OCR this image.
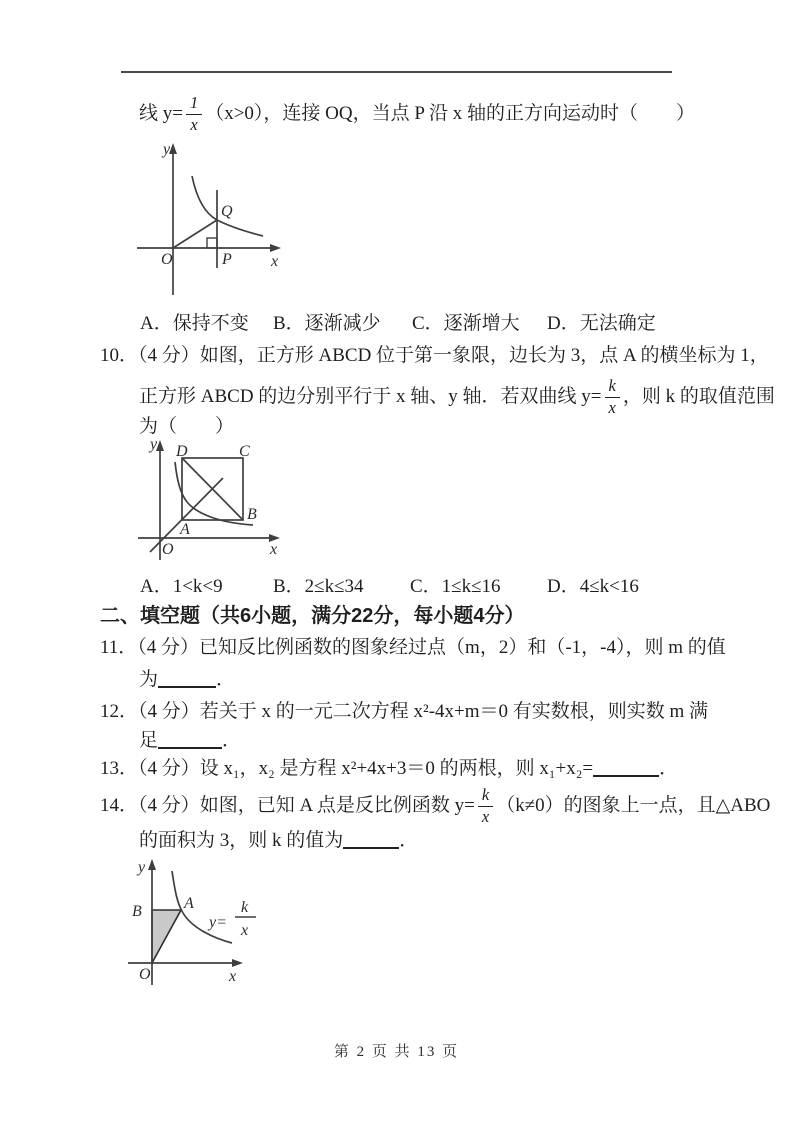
线 $y= \frac{1}{x} (x>0)$，连接 OQ，当点 P 沿 x 轴的正方向运动时（　　）
y
O	P x
Q
A．保持不变 B．逐渐减少 C．逐渐增大 D．无法确定
10．（4 分）如图，正方形 ABCD 位于第一象限，边长为 3，点 A 的横坐标为 1，
正方形 ABCD 的边分别平行于 x 轴、y 轴．若双曲线 $y= \frac{k}{x}$ ，则 k 的取值范围
为（　　）
y D	C
B
A
O	x
A．1<k<9	B．2≤k≤34 C．1≤k≤16 D．4≤k<16
二、填空题（共6小题，满分22分，每小题4分）
11．（4 分）已知反比例函数的图象经过点（m，2）和（-1，-4），则 m 的值
为	．
12．（4 分）若关于 x 的一元二次方程 x²-4x+m＝0 有实数根，则实数 m 满
足	．
13．（4 分）设 x₁，x₂ 是方程 x²+4x+3＝0 的两根，则 x₁+x₂=	．
14．（4 分）如图，已知 A 点是反比例函数 $y= \frac{k}{x} (k\ne 0)$的图象上一点，且△ABO
的面积为 3，则 k 的值为	．
y
B	A
O	x
y=
k
x
第 2 页 共 13 页
